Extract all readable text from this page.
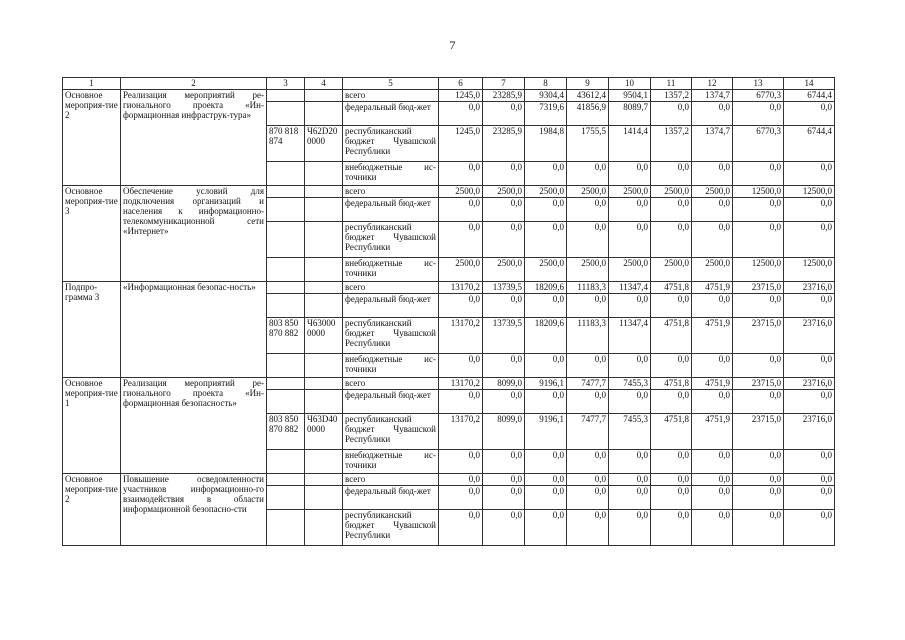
7
1	2	3	4	5	6	7	8	9	10	11	12	13	14
Основное мероприя-тие 2	Реализация мероприятий ре-гионального проекта «Ин-формационная инфраструк-тура»			всего	1245,0	23285,9	9304,4	43612,4	9504,1	1357,2	1374,7	6770,3	6744,4
				федеральный бюд-жет	0,0	0,0	7319,6	41856,9	8089,7	0,0	0,0	0,0	0,0
		870 818 874	Ч62D20 0000	республиканский бюджет Чувашской Республики	1245,0	23285,9	1984,8	1755,5	1414,4	1357,2	1374,7	6770,3	6744,4
				внебюджетные ис-точники	0,0	0,0	0,0	0,0	0,0	0,0	0,0	0,0	0,0
Основное мероприя-тие 3	Обеспечение условий для подключения организаций и населения к информационно-телекоммуникационной сети «Интернет»			всего	2500,0	2500,0	2500,0	2500,0	2500,0	2500,0	2500,0	12500,0	12500,0
				федеральный бюд-жет	0,0	0,0	0,0	0,0	0,0	0,0	0,0	0,0	0,0
				республиканский бюджет Чувашской Республики	0,0	0,0	0,0	0,0	0,0	0,0	0,0	0,0	0,0
				внебюджетные ис-точники	2500,0	2500,0	2500,0	2500,0	2500,0	2500,0	2500,0	12500,0	12500,0
Подпро-грамма 3	«Информационная безопас-ность»			всего	13170,2	13739,5	18209,6	11183,3	11347,4	4751,8	4751,9	23715,0	23716,0
				федеральный бюд-жет	0,0	0,0	0,0	0,0	0,0	0,0	0,0	0,0	0,0
		803 850 870 882	Ч63000 0000	республиканский бюджет Чувашской Республики	13170,2	13739,5	18209,6	11183,3	11347,4	4751,8	4751,9	23715,0	23716,0
				внебюджетные ис-точники	0,0	0,0	0,0	0,0	0,0	0,0	0,0	0,0	0,0
Основное мероприя-тие 1	Реализация мероприятий ре-гионального проекта «Ин-формационная безопасность»			всего	13170,2	8099,0	9196,1	7477,7	7455,3	4751,8	4751,9	23715,0	23716,0
				федеральный бюд-жет	0,0	0,0	0,0	0,0	0,0	0,0	0,0	0,0	0,0
		803 850 870 882	Ч63D40 0000	республиканский бюджет Чувашской Республики	13170,2	8099,0	9196,1	7477,7	7455,3	4751,8	4751,9	23715,0	23716,0
				внебюджетные ис-точники	0,0	0,0	0,0	0,0	0,0	0,0	0,0	0,0	0,0
Основное мероприя-тие 2	Повышение осведомленности участников информационно-го взаимодействия в области информационной безопасно-сти			всего	0,0	0,0	0,0	0,0	0,0	0,0	0,0	0,0	0,0
				федеральный бюд-жет	0,0	0,0	0,0	0,0	0,0	0,0	0,0	0,0	0,0
				республиканский бюджет Чувашской Республики	0,0	0,0	0,0	0,0	0,0	0,0	0,0	0,0	0,0
